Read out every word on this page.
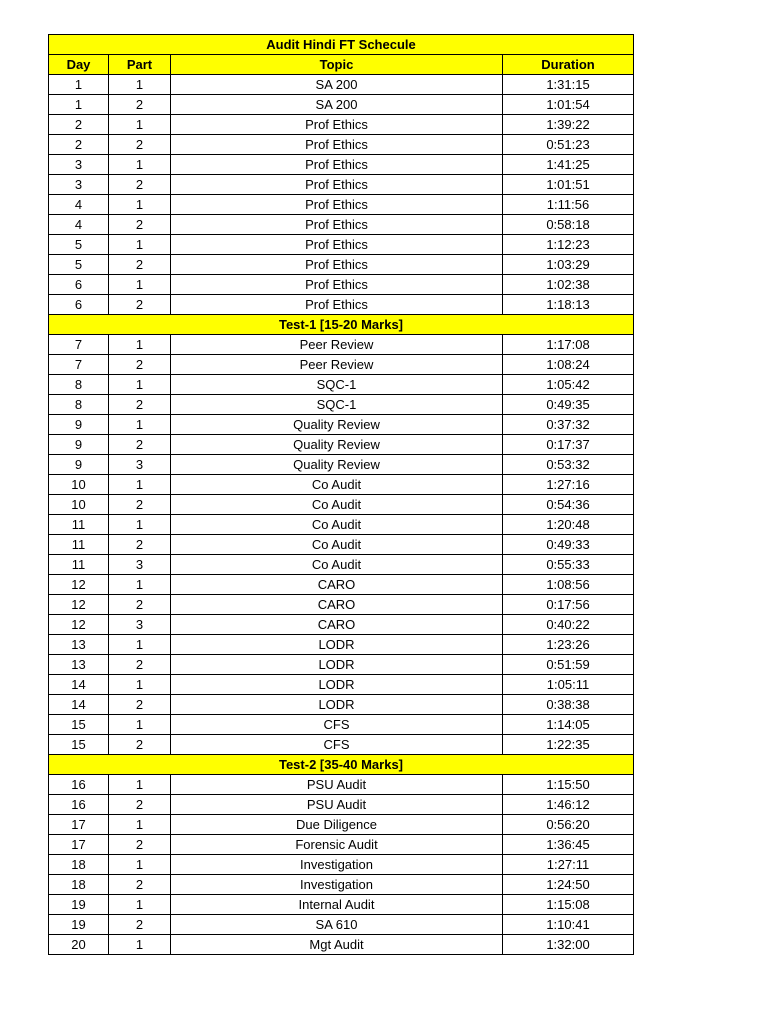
Audit Hindi FT Schecule			
Day	Part	Topic	Duration
1	1	SA 200	1:31:15
1	2	SA 200	1:01:54
2	1	Prof Ethics	1:39:22
2	2	Prof Ethics	0:51:23
3	1	Prof Ethics	1:41:25
3	2	Prof Ethics	1:01:51
4	1	Prof Ethics	1:11:56
4	2	Prof Ethics	0:58:18
5	1	Prof Ethics	1:12:23
5	2	Prof Ethics	1:03:29
6	1	Prof Ethics	1:02:38
6	2	Prof Ethics	1:18:13
Test-1 [15-20 Marks]			
7	1	Peer Review	1:17:08
7	2	Peer Review	1:08:24
8	1	SQC-1	1:05:42
8	2	SQC-1	0:49:35
9	1	Quality Review	0:37:32
9	2	Quality Review	0:17:37
9	3	Quality Review	0:53:32
10	1	Co Audit	1:27:16
10	2	Co Audit	0:54:36
11	1	Co Audit	1:20:48
11	2	Co Audit	0:49:33
11	3	Co Audit	0:55:33
12	1	CARO	1:08:56
12	2	CARO	0:17:56
12	3	CARO	0:40:22
13	1	LODR	1:23:26
13	2	LODR	0:51:59
14	1	LODR	1:05:11
14	2	LODR	0:38:38
15	1	CFS	1:14:05
15	2	CFS	1:22:35
Test-2 [35-40 Marks]			
16	1	PSU Audit	1:15:50
16	2	PSU Audit	1:46:12
17	1	Due Diligence	0:56:20
17	2	Forensic Audit	1:36:45
18	1	Investigation	1:27:11
18	2	Investigation	1:24:50
19	1	Internal Audit	1:15:08
19	2	SA 610	1:10:41
20	1	Mgt Audit	1:32:00
